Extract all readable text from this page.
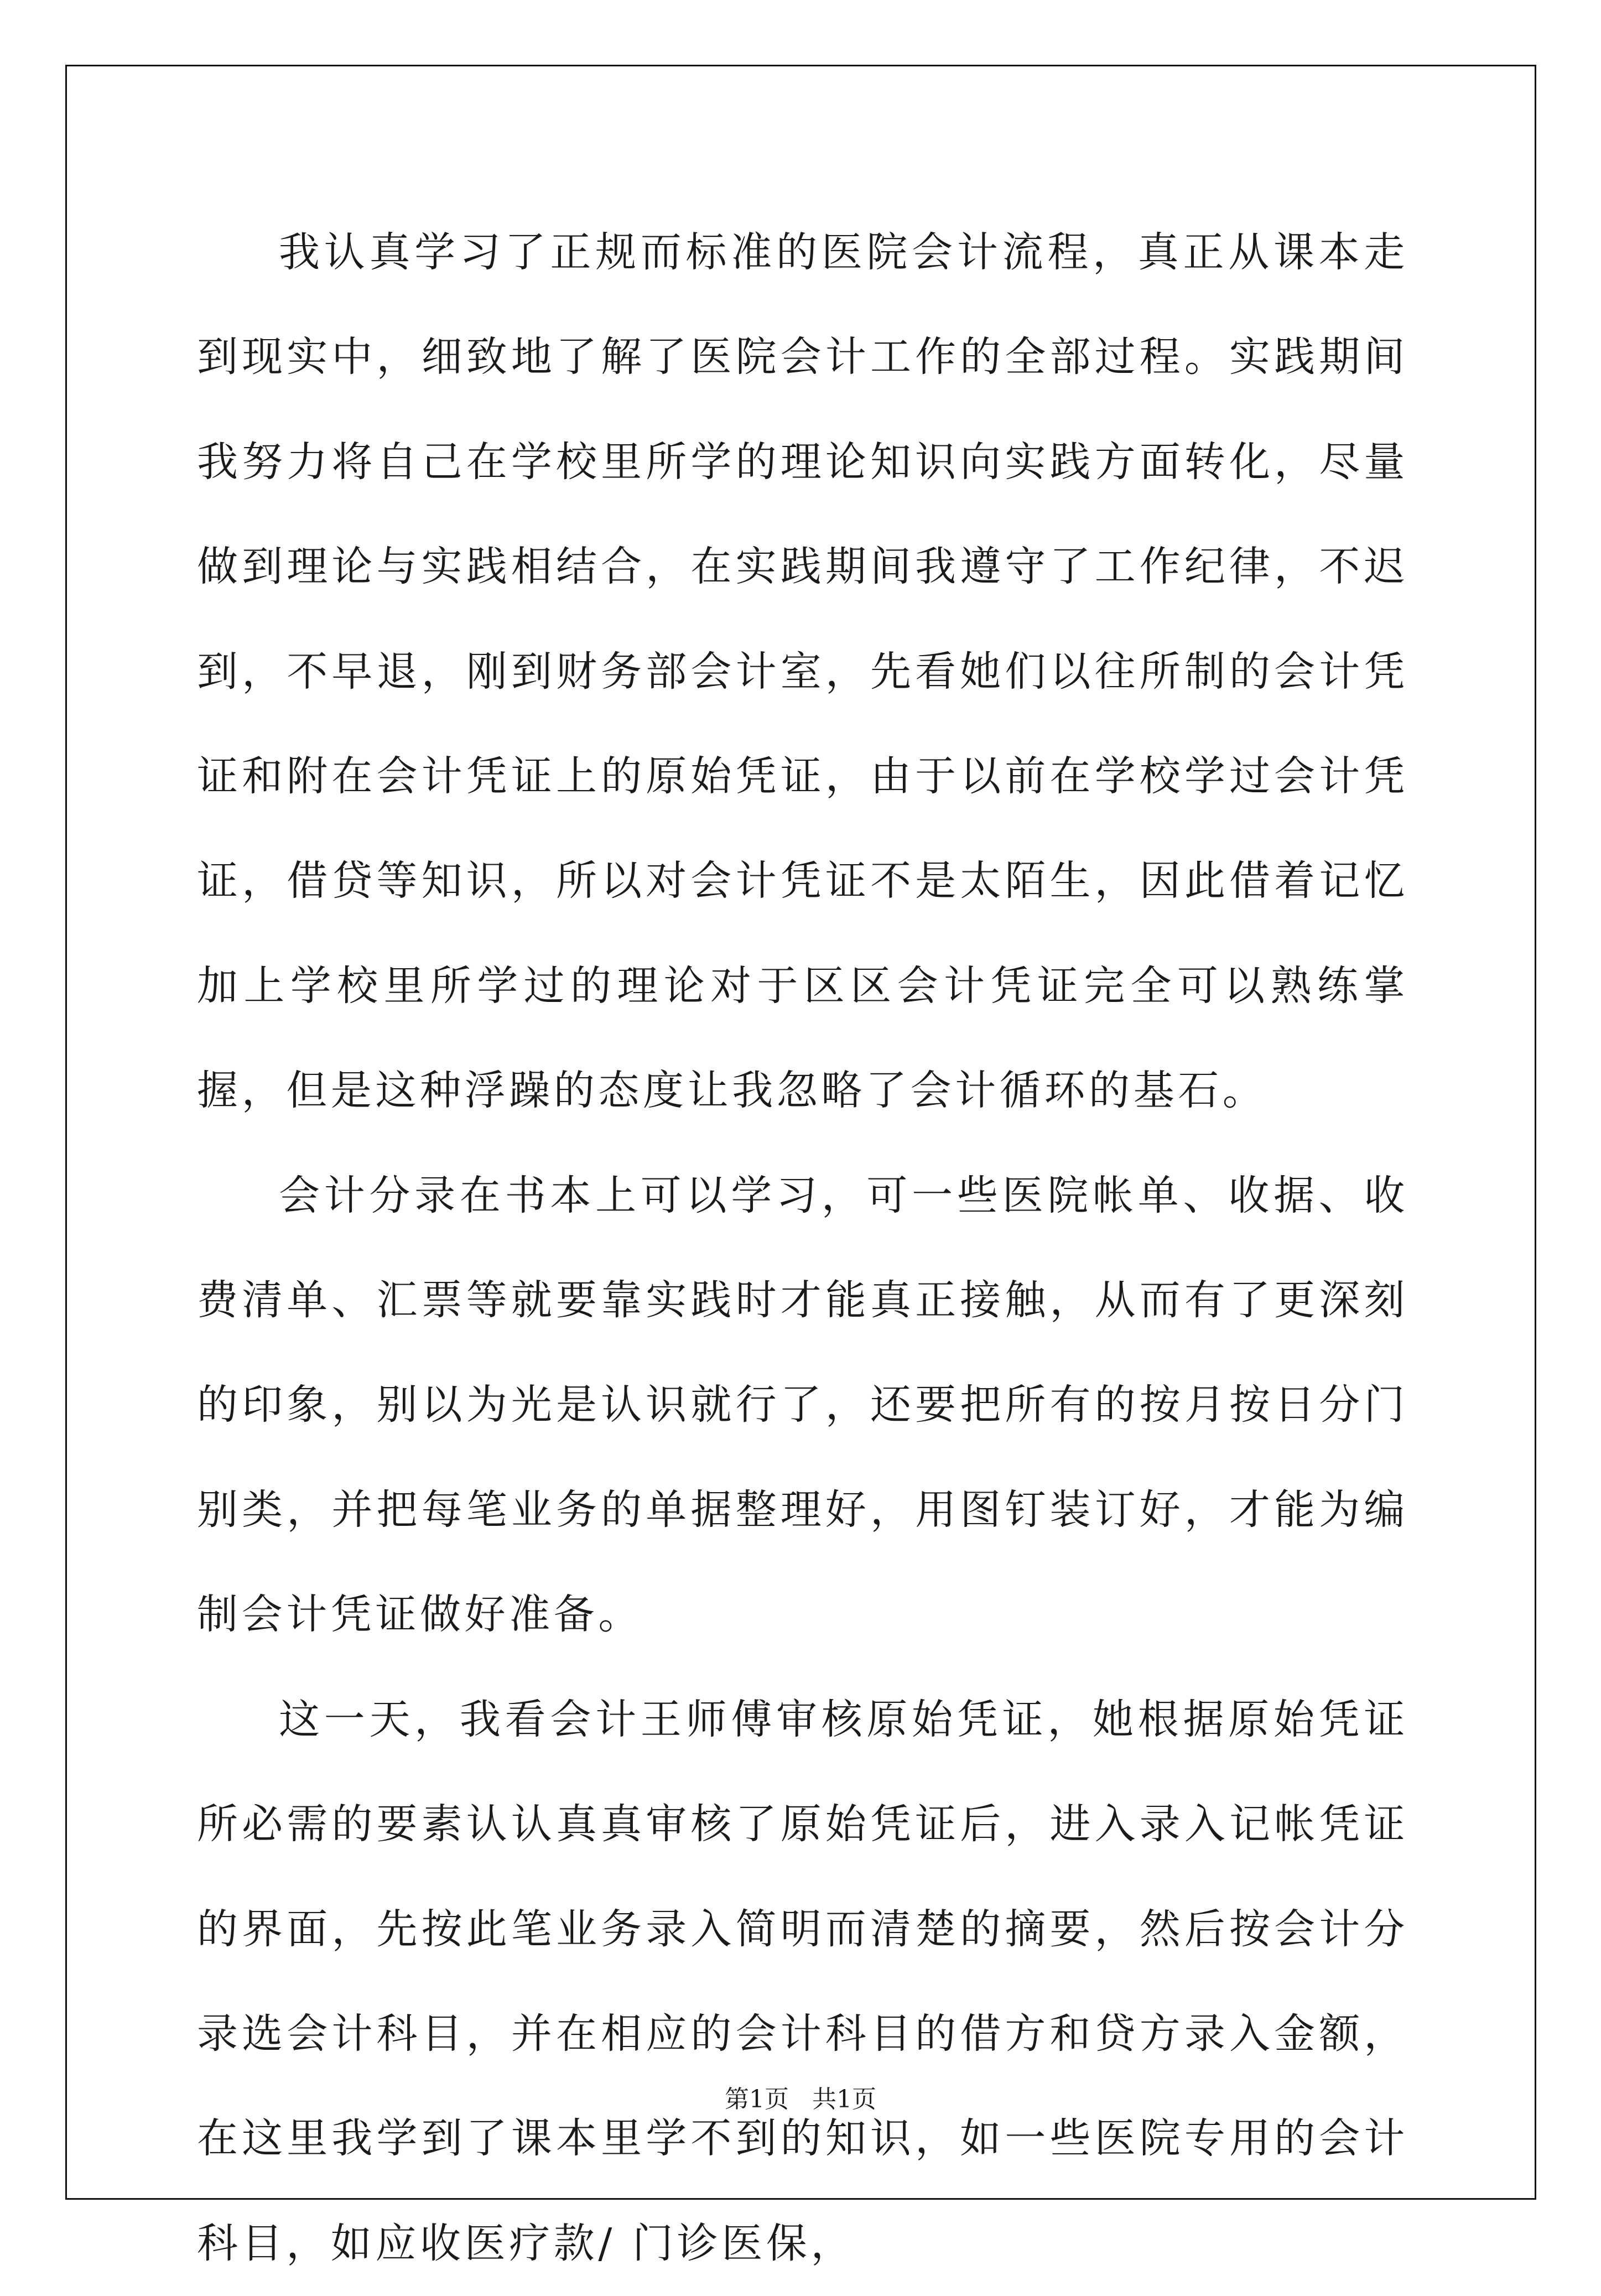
我认真学习了正规而标准的医院会计流程，真正从课本走到现实中，细致地了解了医院会计工作的全部过程。实践期间我努力将自己在学校里所学的理论知识向实践方面转化，尽量做到理论与实践相结合，在实践期间我遵守了工作纪律，不迟到，不早退，刚到财务部会计室，先看她们以往所制的会计凭证和附在会计凭证上的原始凭证，由于以前在学校学过会计凭证，借贷等知识，所以对会计凭证不是太陌生，因此借着记忆加上学校里所学过的理论对于区区会计凭证完全可以熟练掌握，但是这种浮躁的态度让我忽略了会计循环的基石。

会计分录在书本上可以学习，可一些医院帐单、收据、收费清单、汇票等就要靠实践时才能真正接触，从而有了更深刻的印象，别以为光是认识就行了，还要把所有的按月按日分门别类，并把每笔业务的单据整理好，用图钉装订好，才能为编制会计凭证做好准备。

这一天，我看会计王师傅审核原始凭证，她根据原始凭证所必需的要素认认真真审核了原始凭证后，进入录入记帐凭证的界面，先按此笔业务录入简明而清楚的摘要，然后按会计分录选会计科目，并在相应的会计科目的借方和贷方录入金额，在这里我学到了课本里学不到的知识，如一些医院专用的会计科目，如应收医疗款/ 门诊医保，

第1页 共1页
